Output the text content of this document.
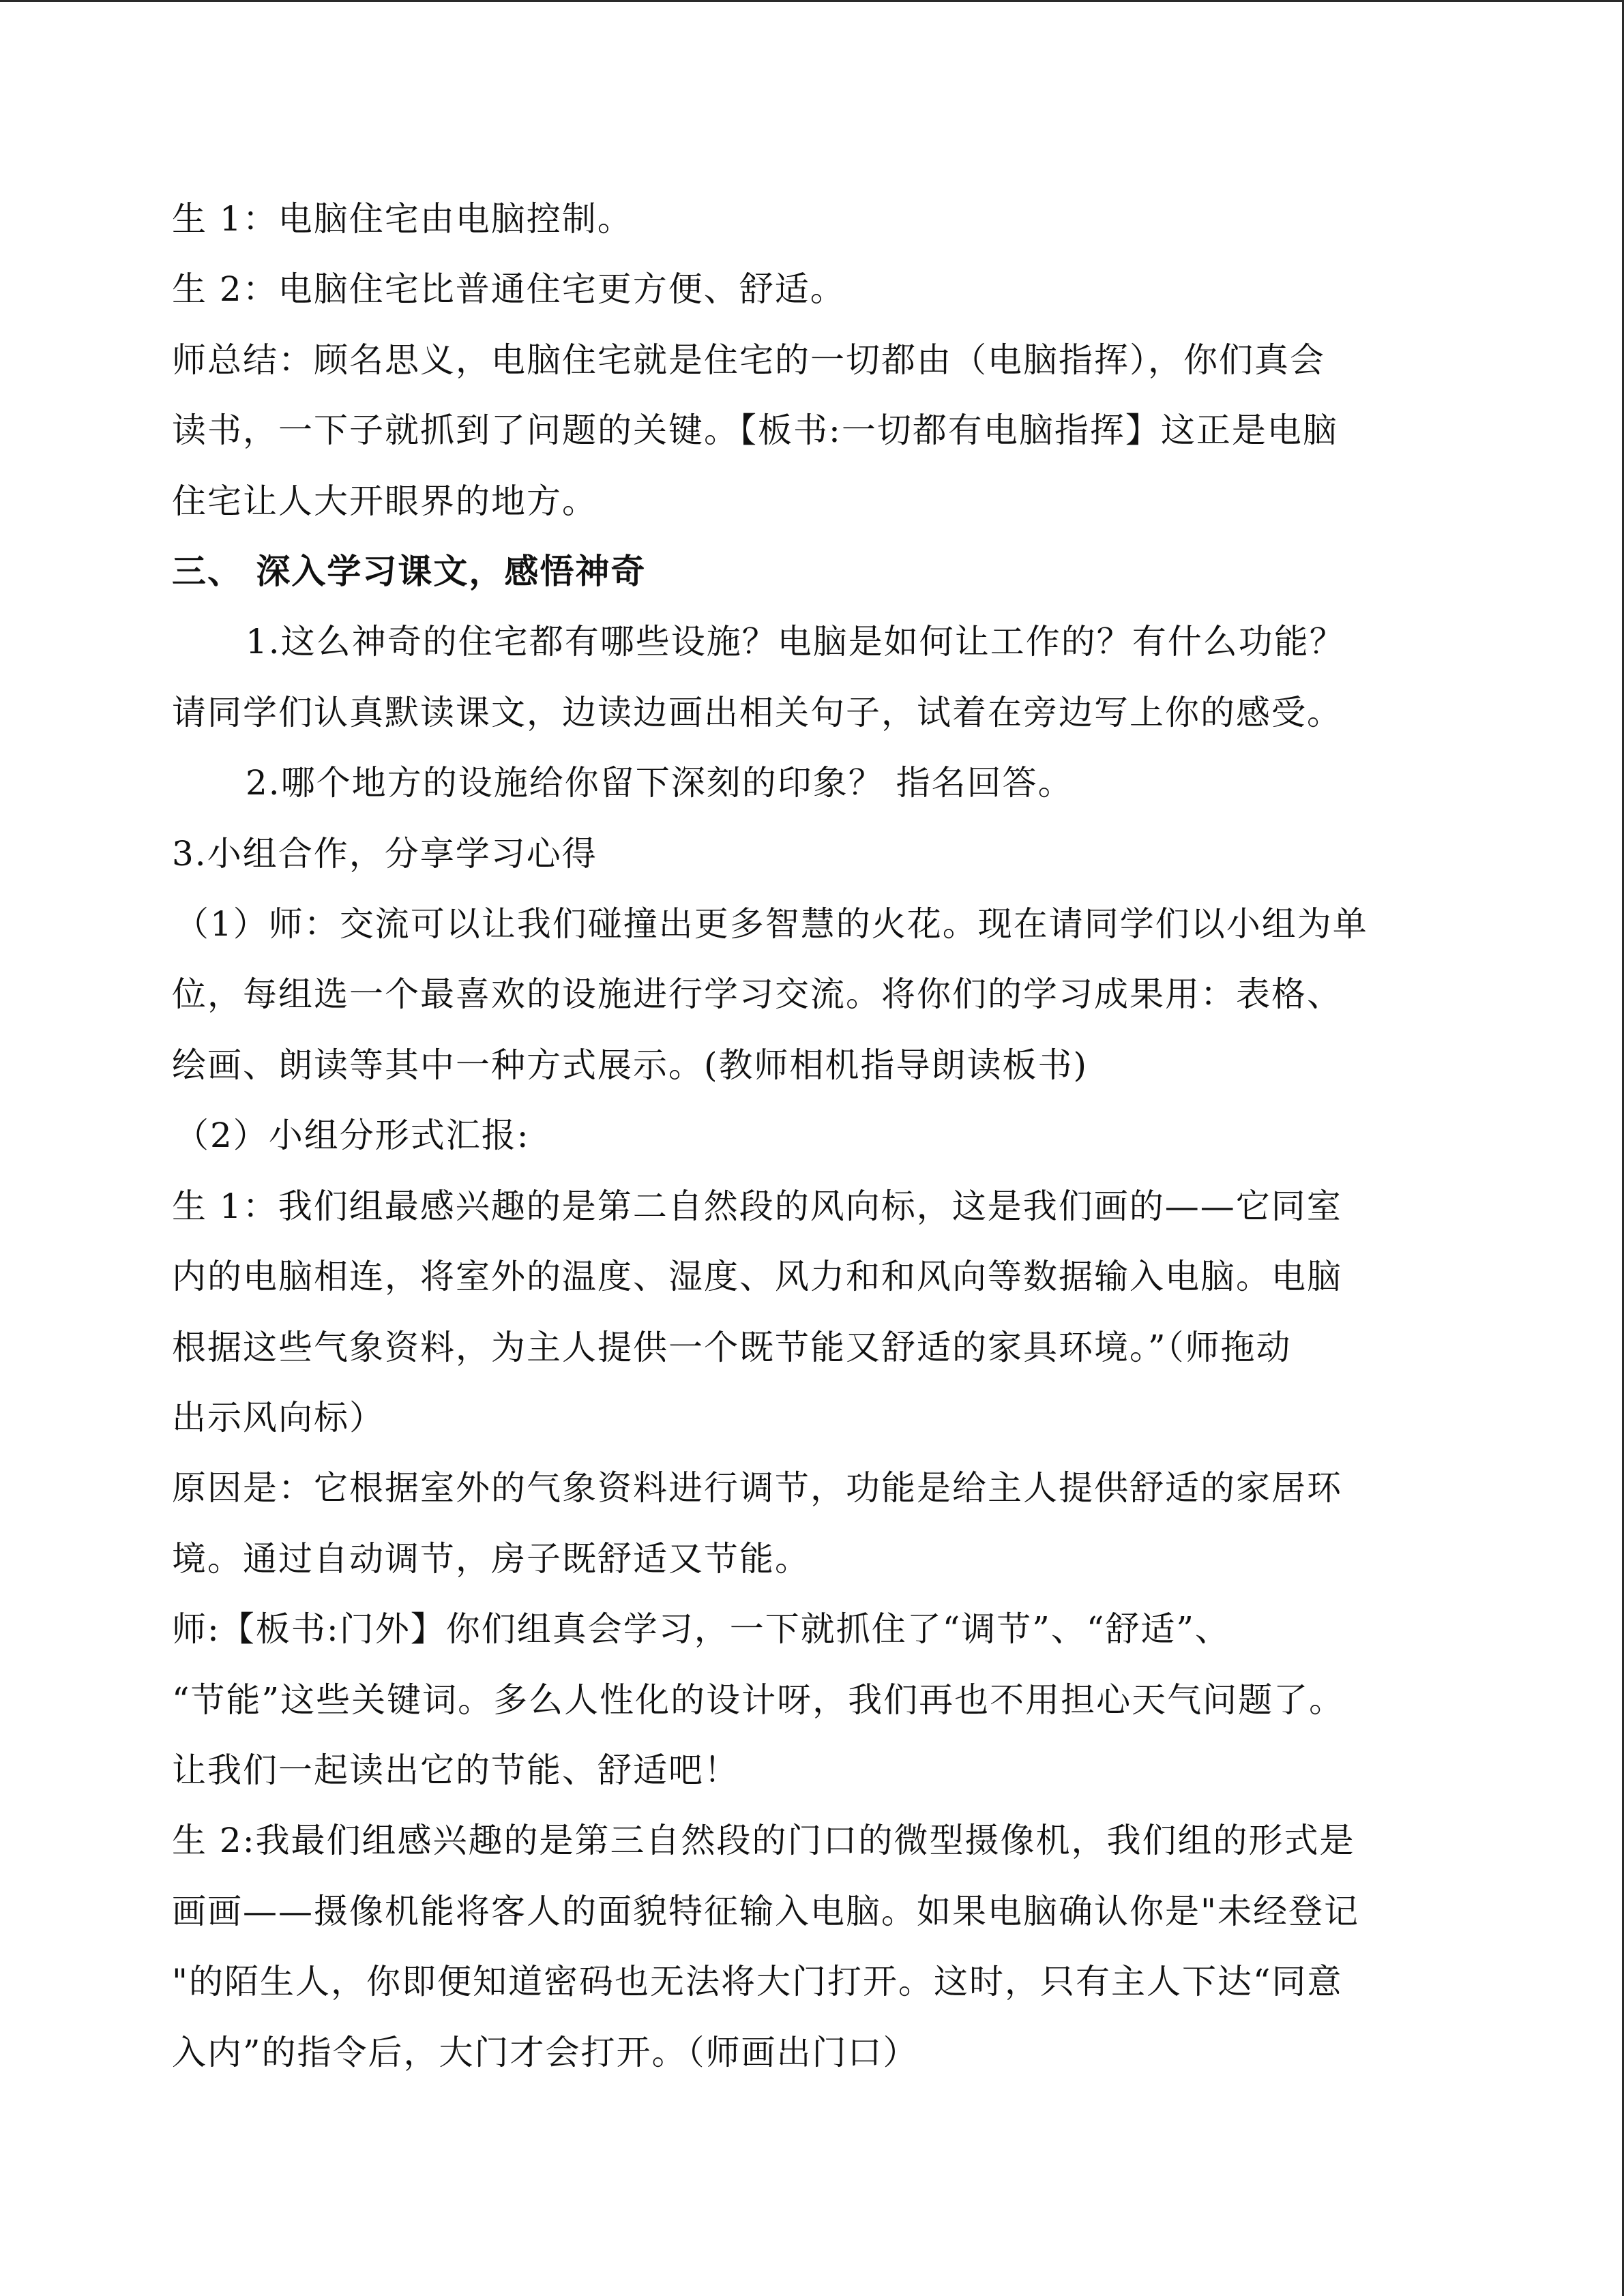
生 1：电脑住宅由电脑控制。
生 2：电脑住宅比普通住宅更方便、舒适。
师总结：顾名思义，电脑住宅就是住宅的一切都由（电脑指挥），你们真会
读书，一下子就抓到了问题的关键。【板书:一切都有电脑指挥】这正是电脑
住宅让人大开眼界的地方。
三、 深入学习课文，感悟神奇
1.这么神奇的住宅都有哪些设施？电脑是如何让工作的？有什么功能？
请同学们认真默读课文，边读边画出相关句子，试着在旁边写上你的感受。
2.哪个地方的设施给你留下深刻的印象？ 指名回答。
3.小组合作，分享学习心得
（1）师：交流可以让我们碰撞出更多智慧的火花。现在请同学们以小组为单
位，每组选一个最喜欢的设施进行学习交流。将你们的学习成果用：表格、
绘画、朗读等其中一种方式展示。(教师相机指导朗读板书)
（2）小组分形式汇报:
生 1：我们组最感兴趣的是第二自然段的风向标，这是我们画的——它同室
内的电脑相连，将室外的温度、湿度、风力和和风向等数据输入电脑。电脑
根据这些气象资料，为主人提供一个既节能又舒适的家具环境。”（师拖动
出示风向标）
原因是：它根据室外的气象资料进行调节，功能是给主人提供舒适的家居环
境。通过自动调节，房子既舒适又节能。
师:【板书:门外】你们组真会学习，一下就抓住了“调节”、“舒适”、
“节能”这些关键词。多么人性化的设计呀，我们再也不用担心天气问题了。
让我们一起读出它的节能、舒适吧！
生 2:我最们组感兴趣的是第三自然段的门口的微型摄像机，我们组的形式是
画画——摄像机能将客人的面貌特征输入电脑。如果电脑确认你是"未经登记
"的陌生人，你即便知道密码也无法将大门打开。这时，只有主人下达“同意
入内”的指令后，大门才会打开。（师画出门口）
